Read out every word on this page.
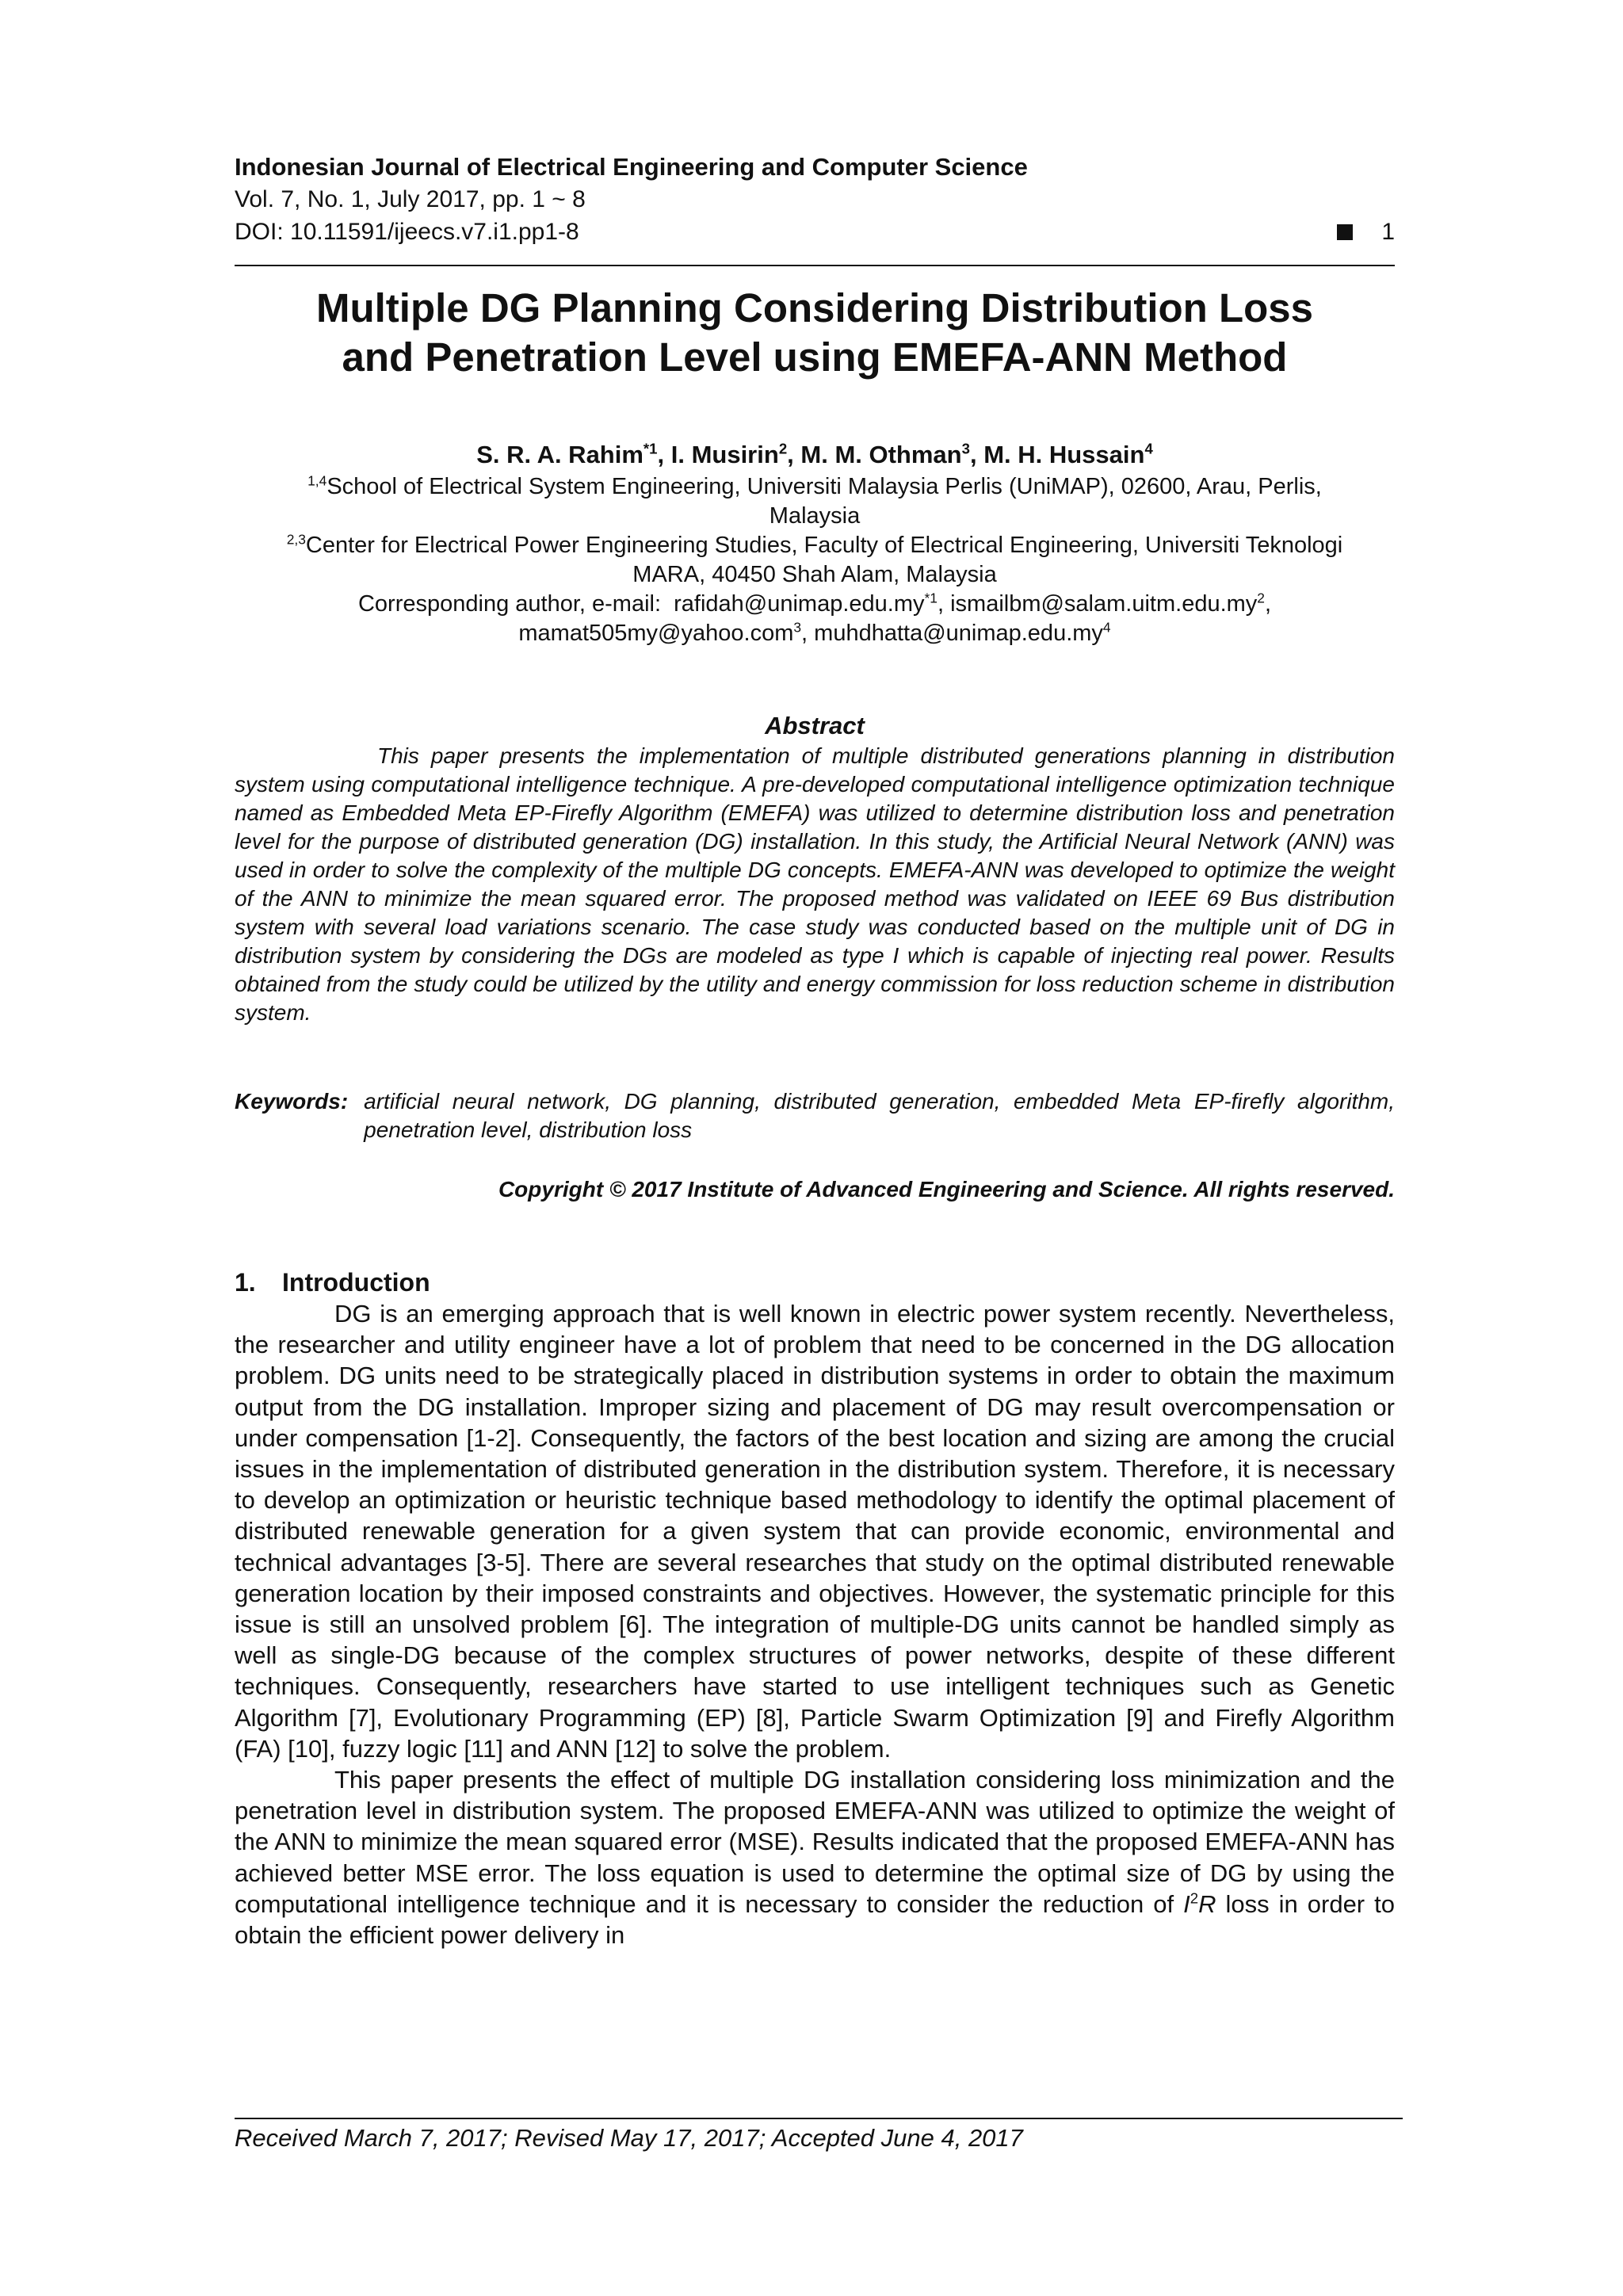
Indonesian Journal of Electrical Engineering and Computer Science
Vol. 7, No. 1, July 2017, pp. 1 ~ 8
DOI: 10.11591/ijeecs.v7.i1.pp1-8	1
Multiple DG Planning Considering Distribution Loss
and Penetration Level using EMEFA-ANN Method
S. R. A. Rahim$^{*1}$, I. Musirin$^2$, M. M. Othman$^3$, M. H. Hussain$^4$
$^{1,4}$School of Electrical System Engineering, Universiti Malaysia Perlis (UniMAP), 02600, Arau, Perlis,
Malaysia
$^{2,3}$Center for Electrical Power Engineering Studies, Faculty of Electrical Engineering, Universiti Teknologi
MARA, 40450 Shah Alam, Malaysia
Corresponding author, e-mail:  $rafidah@unimap.edu.my^{*1}$, $ismailbm@salam.uitm.edu.my^2$,
mamat505my@yahoo.com$^3$, $muhdhatta@unimap.edu.my^4$
Abstract
This paper presents the implementation of multiple distributed generations planning in distribution system using computational intelligence technique. A pre-developed computational intelligence optimization technique named as Embedded Meta EP-Firefly Algorithm (EMEFA) was utilized to determine distribution loss and penetration level for the purpose of distributed generation (DG) installation. In this study, the Artificial Neural Network (ANN) was used in order to solve the complexity of the multiple DG concepts. EMEFA-ANN was developed to optimize the weight of the ANN to minimize the mean squared error. The proposed method was validated on IEEE 69 Bus distribution system with several load variations scenario. The case study was conducted based on the multiple unit of DG in distribution system by considering the DGs are modeled as type I which is capable of injecting real power. Results obtained from the study could be utilized by the utility and energy commission for loss reduction scheme in distribution system.
Keywords: artificial neural network, DG planning, distributed generation, embedded Meta EP-firefly algorithm, penetration level, distribution loss
Copyright © 2017 Institute of Advanced Engineering and Science. All rights reserved.
1. Introduction

DG is an emerging approach that is well known in electric power system recently. Nevertheless, the researcher and utility engineer have a lot of problem that need to be concerned in the DG allocation problem. DG units need to be strategically placed in distribution systems in order to obtain the maximum output from the DG installation. Improper sizing and placement of DG may result overcompensation or under compensation [1-2]. Consequently, the factors of the best location and sizing are among the crucial issues in the implementation of distributed generation in the distribution system. Therefore, it is necessary to develop an optimization or heuristic technique based methodology to identify the optimal placement of distributed renewable generation for a given system that can provide economic, environmental and technical advantages [3-5]. There are several researches that study on the optimal distributed renewable generation location by their imposed constraints and objectives. However, the systematic principle for this issue is still an unsolved problem [6]. The integration of multiple-DG units cannot be handled simply as well as single-DG because of the complex structures of power networks, despite of these different techniques. Consequently, researchers have started to use intelligent techniques such as Genetic Algorithm [7], Evolutionary Programming (EP) [8], Particle Swarm Optimization [9] and Firefly Algorithm (FA) [10], fuzzy logic [11] and ANN [12] to solve the problem.

This paper presents the effect of multiple DG installation considering loss minimization and the penetration level in distribution system. The proposed EMEFA-ANN was utilized to optimize the weight of the ANN to minimize the mean squared error (MSE). Results indicated that the proposed EMEFA-ANN has achieved better MSE error. The loss equation is used to determine the optimal size of DG by using the computational intelligence technique and it is necessary to consider the reduction of $I^2R$ loss in order to obtain the efficient power delivery in

Received March 7, 2017; Revised May 17, 2017; Accepted June 4, 2017
